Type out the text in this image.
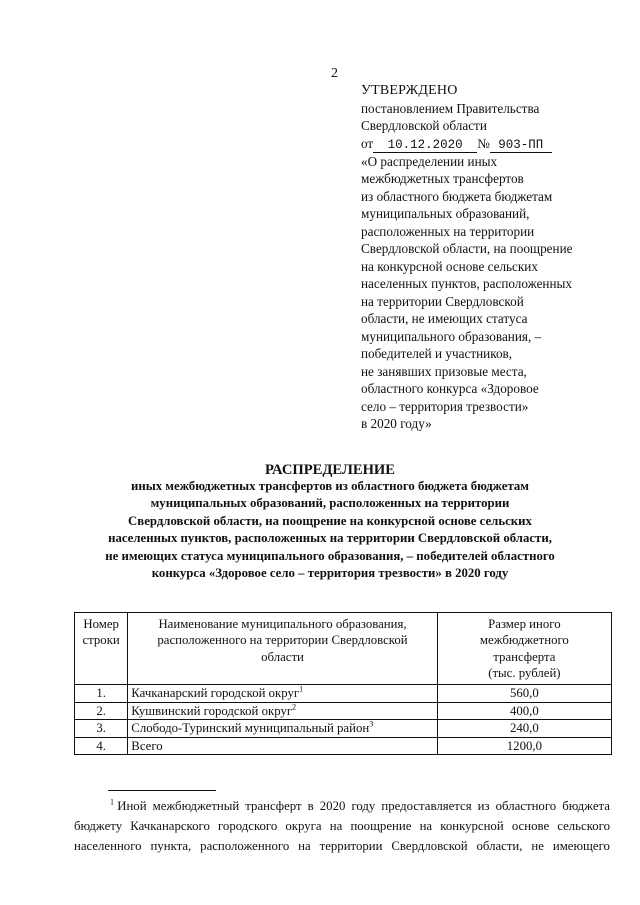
2
УТВЕРЖДЕНО
постановлением Правительства
Свердловской области
от 10.12.2020 № 903-ПП
«О распределении иных
межбюджетных трансфертов
из областного бюджета бюджетам
муниципальных образований,
расположенных на территории
Свердловской области, на поощрение
на конкурсной основе сельских
населенных пунктов, расположенных
на территории Свердловской
области, не имеющих статуса
муниципального образования, –
победителей и участников,
не занявших призовые места,
областного конкурса «Здоровое
село – территория трезвости»
в 2020 году»
РАСПРЕДЕЛЕНИЕ
иных межбюджетных трансфертов из областного бюджета бюджетам
муниципальных образований, расположенных на территории
Свердловской области, на поощрение на конкурсной основе сельских
населенных пунктов, расположенных на территории Свердловской области,
не имеющих статуса муниципального образования, – победителей областного
конкурса «Здоровое село – территория трезвости» в 2020 году
Номер
строки	Наименование муниципального образования,
расположенного на территории Свердловской
области	Размер иного
межбюджетного
трансферта
(тыс. рублей)

1.	Качканарский городской округ$^1$	560,0
2.	Кушвинский городской округ$^2$	400,0
3.	Слободо-Туринский муниципальный район$^3$	240,0
4.	Всего	1200,0
$^1$ Иной межбюджетный трансферт в 2020 году предоставляется из областного бюджета
бюджету Качканарского городского округа на поощрение на конкурсной основе сельского
населенного пункта, расположенного на территории Свердловской области, не имеющего
